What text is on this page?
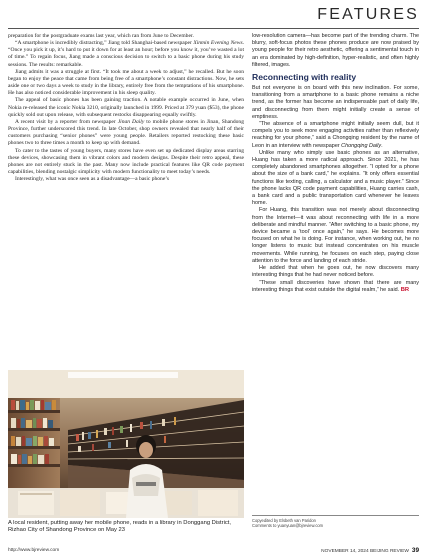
FEATURES

preparation for the postgraduate exams last year, which ran from June to December.

“A smartphone is incredibly distracting,” Jiang told Shanghai-based newspaper Xinmin Evening News. “Once you pick it up, it’s hard to put it down for at least an hour; before you know it, you’ve wasted a lot of time.” To regain focus, Jiang made a conscious decision to switch to a basic phone during his study sessions. The results: remarkable.

Jiang admits it was a struggle at first. “It took me about a week to adjust,” he recalled. But he soon began to enjoy the peace that came from being free of a smartphone’s constant distractions. Now, he sets aside one or two days a week to study in the library, entirely free from the temptations of his smartphone. He has also noticed considerable improvement in his sleep quality.

The appeal of basic phones has been gaining traction. A notable example occurred in June, when Nokia re-released the iconic Nokia 3210, originally launched in 1999. Priced at 379 yuan ($53), the phone quickly sold out upon release, with subsequent restocks disappearing equally swiftly.

A recent visit by a reporter from newspaper Jinan Daily to mobile phone stores in Jinan, Shandong Province, further underscored this trend. In late October, shop owners revealed that nearly half of their customers purchasing “senior phones” were young people. Retailers reported restocking these basic phones two to three times a month to keep up with demand.

To cater to the tastes of young buyers, many stores have even set up dedicated display areas starring these devices, showcasing them in vibrant colors and modern designs. Despite their retro appeal, these phones are not entirely stuck in the past. Many now include practical features like QR code payment capabilities, blending nostalgic simplicity with modern functionality to meet today’s needs.

Interestingly, what was once seen as a disadvantage—a basic phone’s

A local resident, putting away her mobile phone, reads in a library in Donggang District, Rizhao City of Shandong Province on May 23

low-resolution camera—has become part of the trending charm. The blurry, soft-focus photos these phones produce are now praised by young people for their retro aesthetic, offering a sentimental touch in an era dominated by high-definition, hyper-realistic, and often highly filtered, images.

Reconnecting with reality

But not everyone is on board with this new inclination. For some, transitioning from a smartphone to a basic phone remains a niche trend, as the former has become an indispensable part of daily life, and disconnecting from them might initially create a sense of emptiness.

“The absence of a smartphone might initially seem dull, but it compels you to seek more engaging activities rather than reflexively reaching for your phone,” said a Chongqing resident by the name of Leon in an interview with newspaper Chongqing Daily.

Unlike many who simply use basic phones as an alternative, Huang has taken a more radical approach. Since 2021, he has completely abandoned smartphones altogether. “I opted for a phone about the size of a bank card,” he explains. “It only offers essential functions like texting, calling, a calculator and a music player.” Since the phone lacks QR code payment capabilities, Huang carries cash, a bank card and a public transportation card whenever he leaves home.

For Huang, this transition was not merely about disconnecting from the Internet—it was about reconnecting with life in a more deliberate and mindful manner. “After switching to a basic phone, my device became a ‘tool’ once again,” he says. He becomes more focused on what he is doing. For instance, when working out, he no longer listens to music but instead concentrates on his muscle movements. While running, he focuses on each step, paying close attention to the force and landing of each stride.

He added that when he goes out, he now discovers many interesting things that he had never noticed before.

“These small discoveries have shown that there are many interesting things that exist outside the digital realm,” he said. BR

Copyedited by Elsbeth van Paridon
Comments to yuanyuan@bjreview.com
http://www.bjreview.com	NOVEMBER 14, 2024 BEIJING REVIEW 39
